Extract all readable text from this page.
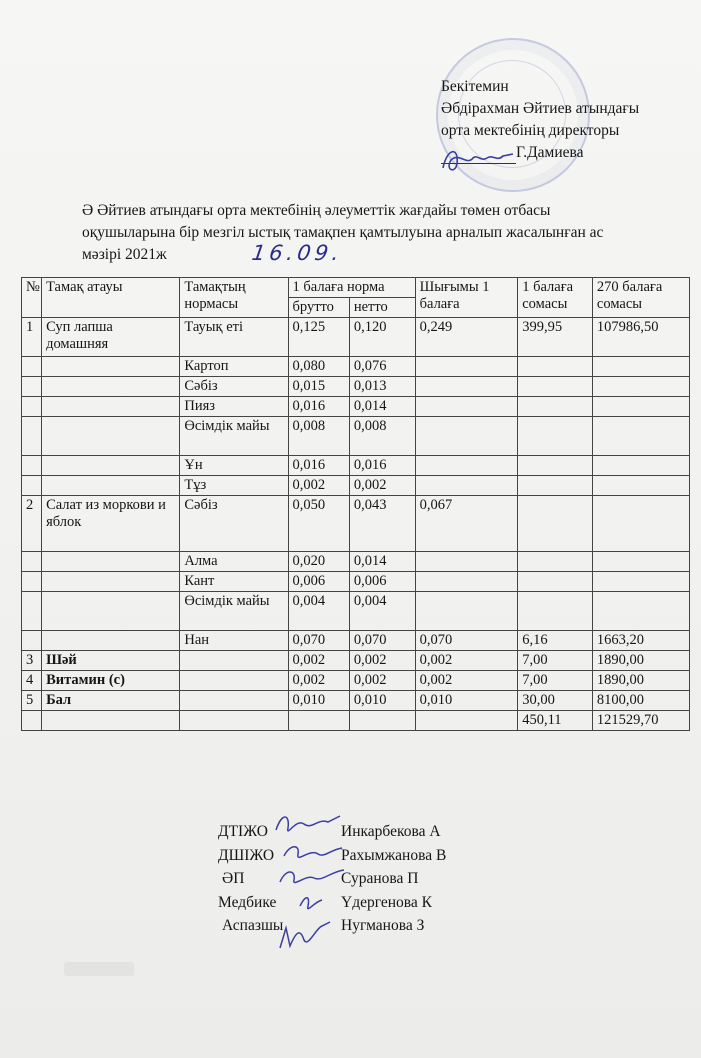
Бекітемин
Әбдірахман Әйтиев атындағы
орта мектебінің директоры
Г.Дамиева
Ә Әйтиев атындағы орта мектебінің әлеуметтік жағдайы төмен отбасы
оқушыларына бір мезгіл ыстық тамақпен қамтылуына арналып жасалынған ас
мәзірі 2021ж	16.09.
№	Тамақ атауы	Тамақтың нормасы	1 балаға норма		Шығымы 1 балаға	1 балаға сомасы	270 балаға сомасы
			брутто	нетто			
1	Суп лапша домашняя	Тауық еті	0,125	0,120	0,249	399,95	107986,50
		Картоп	0,080	0,076			
		Сәбіз	0,015	0,013			
		Пияз	0,016	0,014			
		Өсімдік майы	0,008	0,008			
		Ұн	0,016	0,016			
		Тұз	0,002	0,002			
2	Салат из моркови и яблок	Сәбіз	0,050	0,043	0,067		
		Алма	0,020	0,014			
		Кант	0,006	0,006			
		Өсімдік майы	0,004	0,004			
		Нан	0,070	0,070	0,070	6,16	1663,20
3	Шәй		0,002	0,002	0,002	7,00	1890,00
4	Витамин (с)		0,002	0,002	0,002	7,00	1890,00
5	Бал		0,010	0,010	0,010	30,00	8100,00
						450,11	121529,70
ДТІЖО	Инкарбекова А
ДШІЖО	Рахымжанова В
ӘП	Суранова П
Медбике	Үдергенова К
Аспазшы	Нугманова З
